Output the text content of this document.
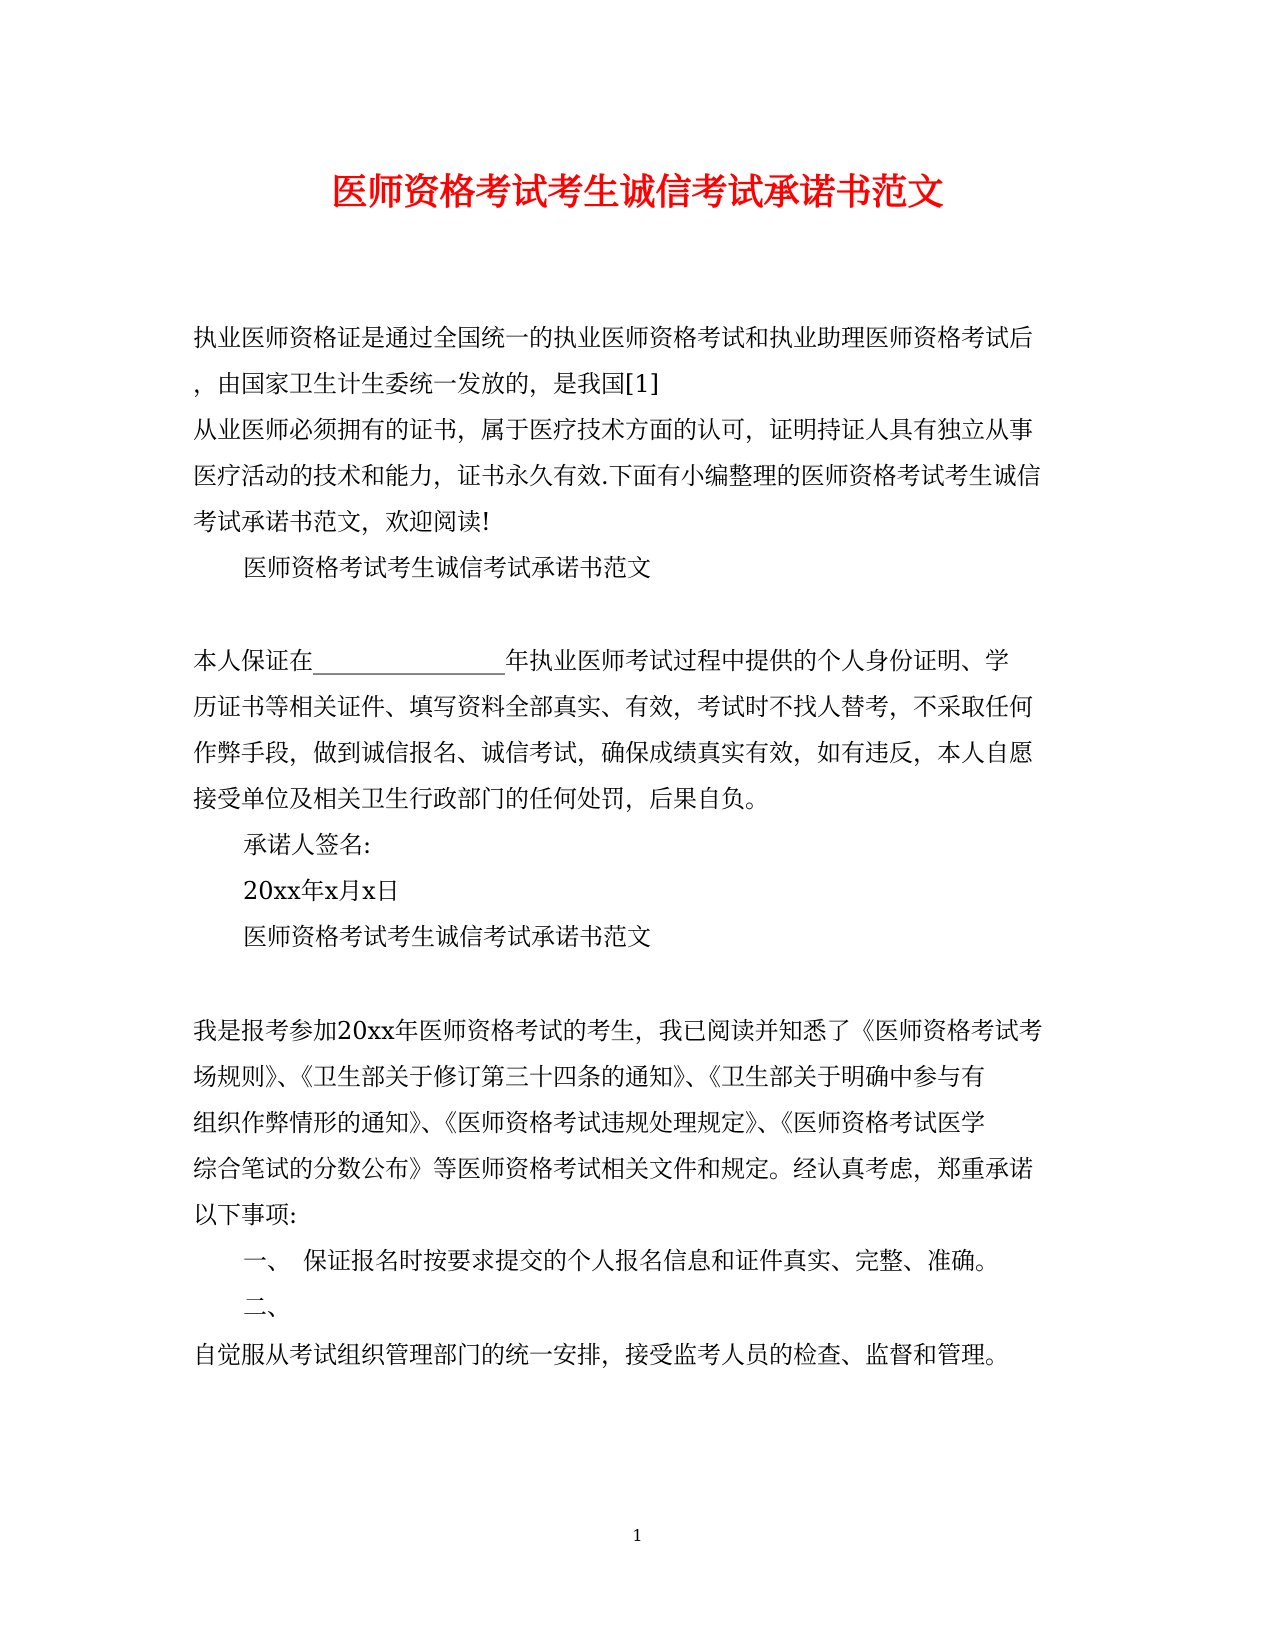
医师资格考试考生诚信考试承诺书范文

执业医师资格证是通过全国统一的执业医师资格考试和执业助理医师资格考试后

，由国家卫生计生委统一发放的，是我国[1]

从业医师必须拥有的证书，属于医疗技术方面的认可，证明持证人具有独立从事

医疗活动的技术和能力，证书永久有效.下面有小编整理的医师资格考试考生诚信

考试承诺书范文，欢迎阅读!

医师资格考试考生诚信考试承诺书范文

本人保证在________________年执业医师考试过程中提供的个人身份证明、学

历证书等相关证件、填写资料全部真实、有效，考试时不找人替考，不采取任何

作弊手段，做到诚信报名、诚信考试，确保成绩真实有效，如有违反，本人自愿

接受单位及相关卫生行政部门的任何处罚，后果自负。

承诺人签名:

20xx年x月x日

医师资格考试考生诚信考试承诺书范文

我是报考参加20xx年医师资格考试的考生，我已阅读并知悉了《医师资格考试考

场规则》、《卫生部关于修订第三十四条的通知》、《卫生部关于明确中参与有

组织作弊情形的通知》、《医师资格考试违规处理规定》、《医师资格考试医学

综合笔试的分数公布》等医师资格考试相关文件和规定。经认真考虑，郑重承诺

以下事项:

一、 保证报名时按要求提交的个人报名信息和证件真实、完整、准确。

二、

自觉服从考试组织管理部门的统一安排，接受监考人员的检查、监督和管理。

1
